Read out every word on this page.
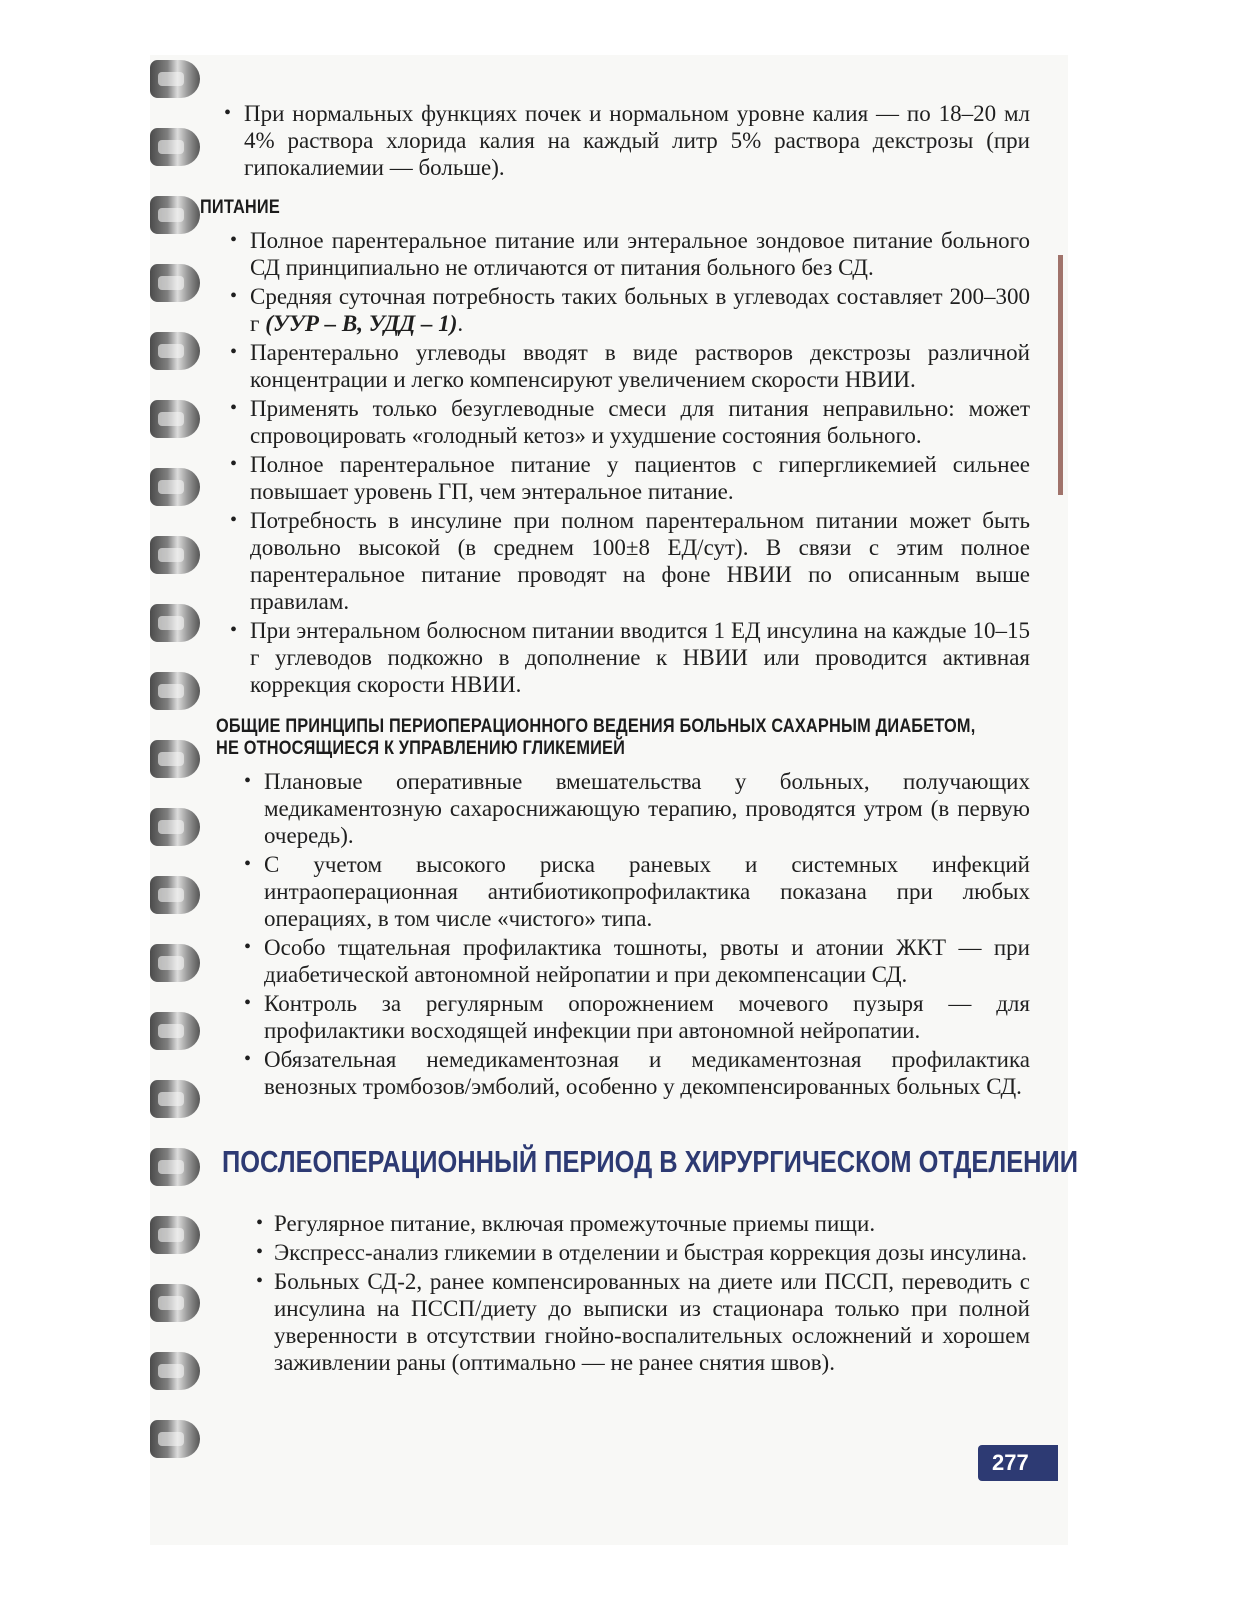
• При нормальных функциях почек и нормальном уровне калия — по 18–20 мл 4% раствора хлорида калия на каждый литр 5% раствора декстрозы (при гипокалиемии — больше).
ПИТАНИЕ
• Полное парентеральное питание или энтеральное зондовое питание больного СД принципиально не отличаются от питания больного без СД.
• Средняя суточная потребность таких больных в углеводах составляет 200–300 г (УУР – В, УДД – 1).
• Парентерально углеводы вводят в виде растворов декстрозы различной концентрации и легко компенсируют увеличением скорости НВИИ.
• Применять только безуглеводные смеси для питания неправильно: может спровоцировать «голодный кетоз» и ухудшение состояния больного.
• Полное парентеральное питание у пациентов с гипергликемией сильнее повышает уровень ГП, чем энтеральное питание.
• Потребность в инсулине при полном парентеральном питании может быть довольно высокой (в среднем 100±8 ЕД/сут). В связи с этим полное парентеральное питание проводят на фоне НВИИ по описанным выше правилам.
• При энтеральном болюсном питании вводится 1 ЕД инсулина на каждые 10–15 г углеводов подкожно в дополнение к НВИИ или проводится активная коррекция скорости НВИИ.
ОБЩИЕ ПРИНЦИПЫ ПЕРИОПЕРАЦИОННОГО ВЕДЕНИЯ БОЛЬНЫХ САХАРНЫМ ДИАБЕТОМ, НЕ ОТНОСЯЩИЕСЯ К УПРАВЛЕНИЮ ГЛИКЕМИЕЙ
• Плановые оперативные вмешательства у больных, получающих медикаментозную сахароснижающую терапию, проводятся утром (в первую очередь).
• С учетом высокого риска раневых и системных инфекций интраоперационная антибиотикопрофилактика показана при любых операциях, в том числе «чистого» типа.
• Особо тщательная профилактика тошноты, рвоты и атонии ЖКТ — при диабетической автономной нейропатии и при декомпенсации СД.
• Контроль за регулярным опорожнением мочевого пузыря — для профилактики восходящей инфекции при автономной нейропатии.
• Обязательная немедикаментозная и медикаментозная профилактика венозных тромбозов/эмболий, особенно у декомпенсированных больных СД.
ПОСЛЕОПЕРАЦИОННЫЙ ПЕРИОД В ХИРУРГИЧЕСКОМ ОТДЕЛЕНИИ
• Регулярное питание, включая промежуточные приемы пищи.
• Экспресс-анализ гликемии в отделении и быстрая коррекция дозы инсулина.
• Больных СД-2, ранее компенсированных на диете или ПССП, переводить с инсулина на ПССП/диету до выписки из стационара только при полной уверенности в отсутствии гнойно-воспалительных осложнений и хорошем заживлении раны (оптимально — не ранее снятия швов).
277
